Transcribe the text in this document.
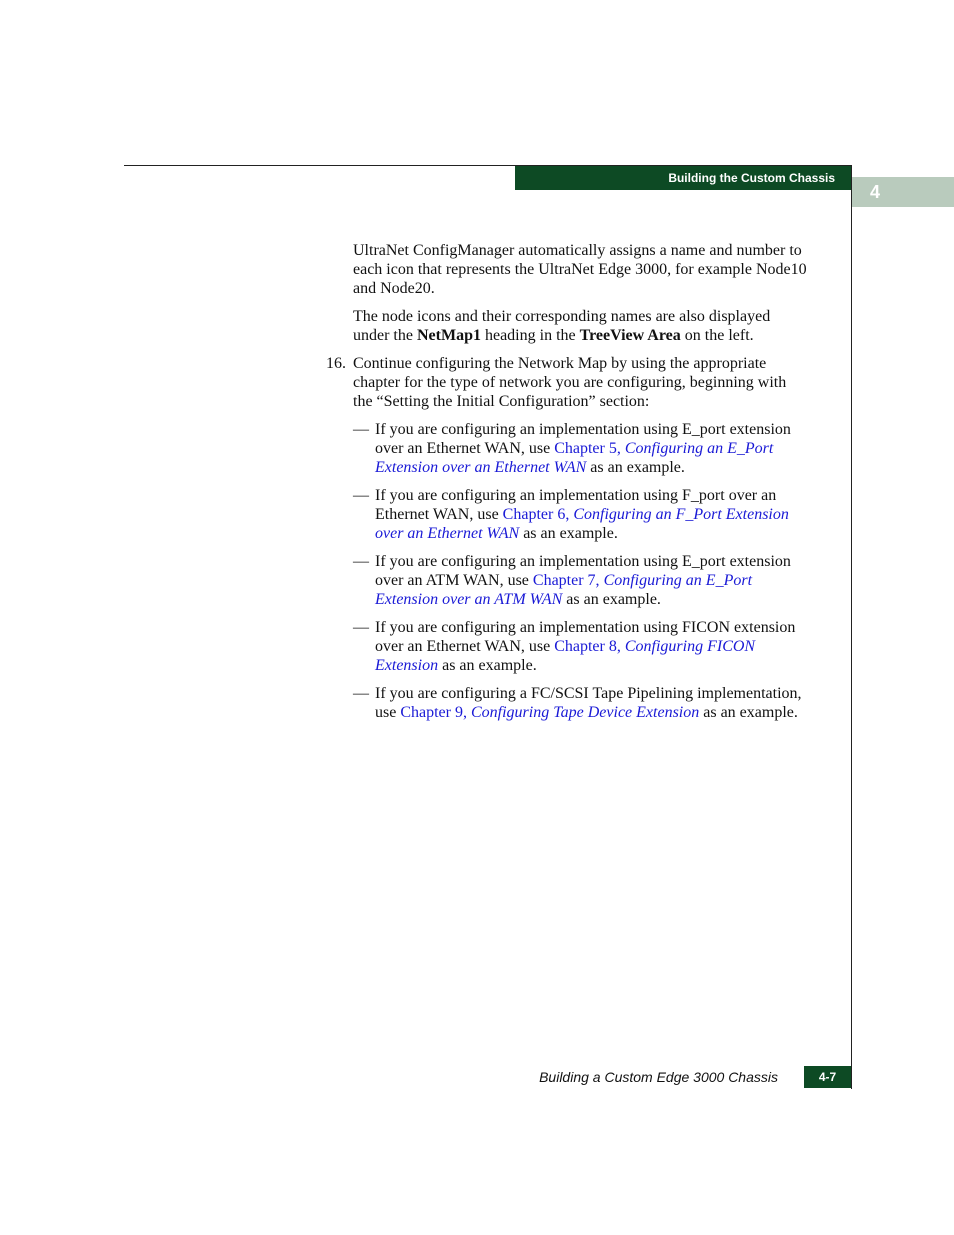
Building the Custom Chassis
4

UltraNet ConfigManager automatically assigns a name and number to each icon that represents the UltraNet Edge 3000, for example Node10 and Node20.

The node icons and their corresponding names are also displayed under the NetMap1 heading in the TreeView Area on the left.

16. Continue configuring the Network Map by using the appropriate chapter for the type of network you are configuring, beginning with the “Setting the Initial Configuration” section:

— If you are configuring an implementation using E_port extension over an Ethernet WAN, use Chapter 5, Configuring an E_Port Extension over an Ethernet WAN as an example.
— If you are configuring an implementation using F_port over an Ethernet WAN, use Chapter 6, Configuring an F_Port Extension over an Ethernet WAN as an example.
— If you are configuring an implementation using E_port extension over an ATM WAN, use Chapter 7, Configuring an E_Port Extension over an ATM WAN as an example.
— If you are configuring an implementation using FICON extension over an Ethernet WAN, use Chapter 8, Configuring FICON Extension as an example.
— If you are configuring a FC/SCSI Tape Pipelining implementation, use Chapter 9, Configuring Tape Device Extension as an example.
Building a Custom Edge 3000 Chassis	4-7
